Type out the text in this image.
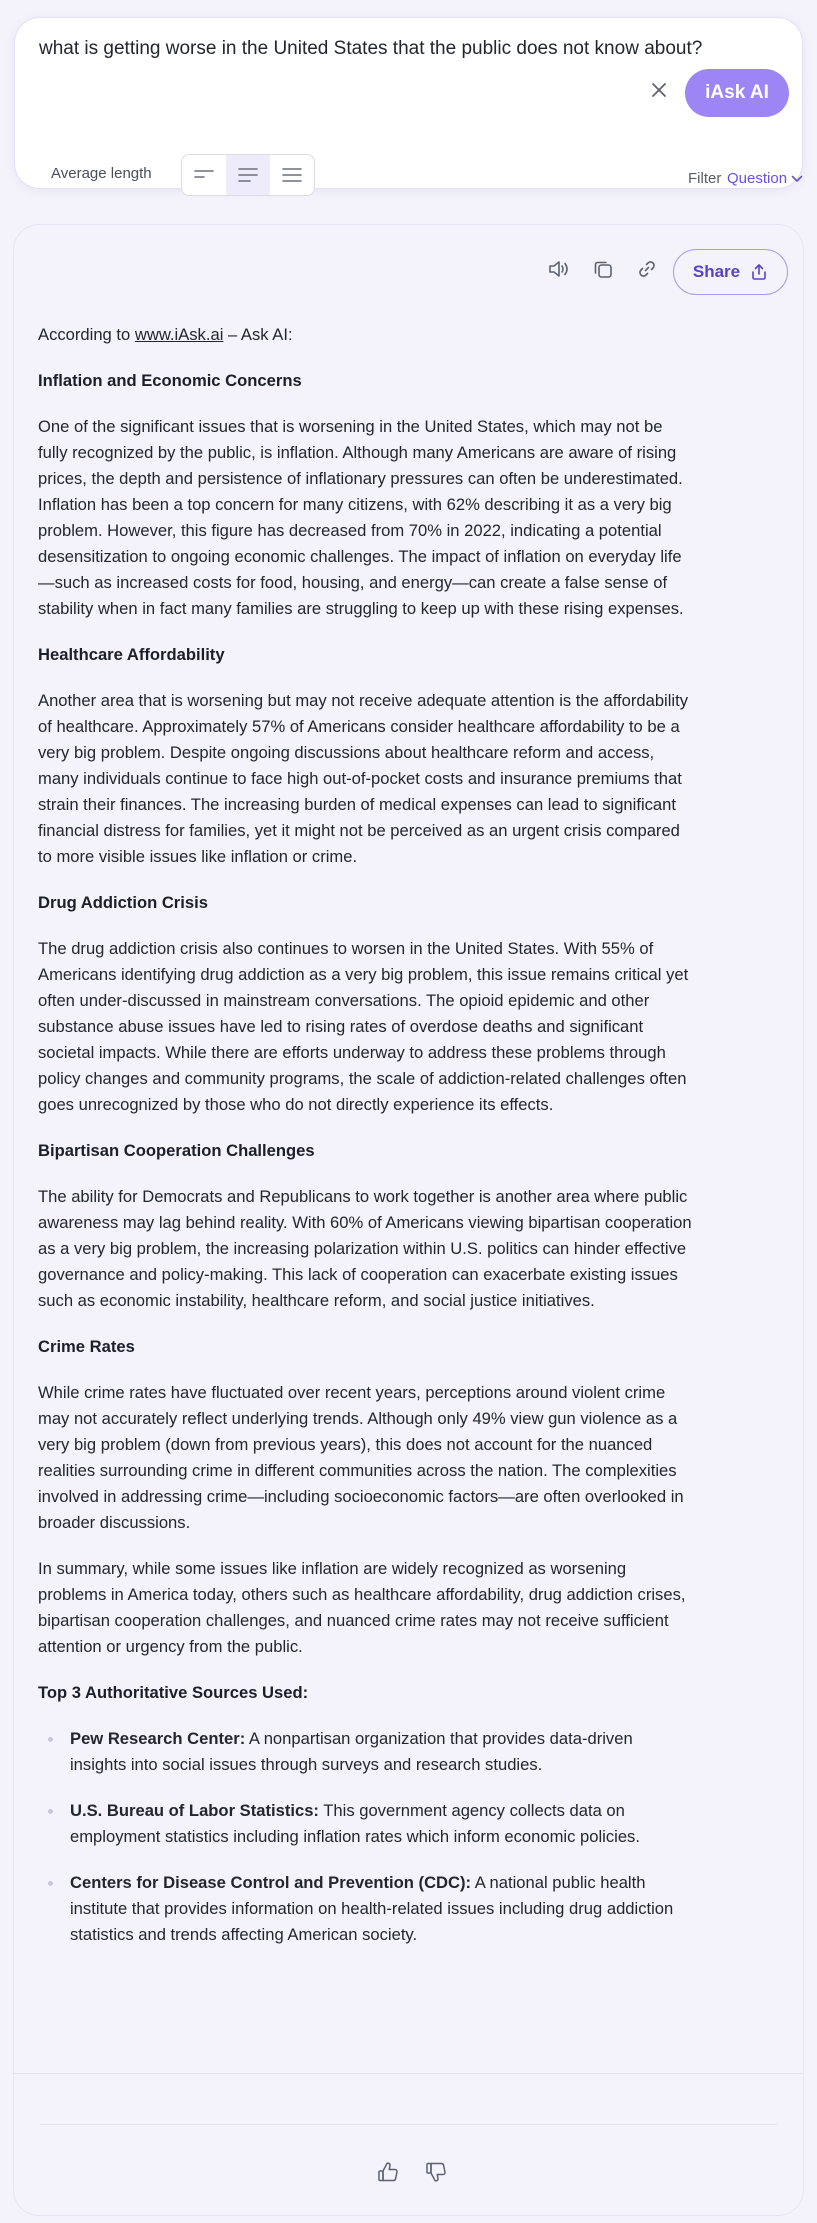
what is getting worse in the United States that the public does not know about?
Average length	Filter Question
iAsk AI
Share

According to www.iAsk.ai – Ask AI:

Inflation and Economic Concerns

One of the significant issues that is worsening in the United States, which may not be fully recognized by the public, is inflation. Although many Americans are aware of rising prices, the depth and persistence of inflationary pressures can often be underestimated. Inflation has been a top concern for many citizens, with 62% describing it as a very big problem. However, this figure has decreased from 70% in 2022, indicating a potential desensitization to ongoing economic challenges. The impact of inflation on everyday life—such as increased costs for food, housing, and energy—can create a false sense of stability when in fact many families are struggling to keep up with these rising expenses.

Healthcare Affordability

Another area that is worsening but may not receive adequate attention is the affordability of healthcare. Approximately 57% of Americans consider healthcare affordability to be a very big problem. Despite ongoing discussions about healthcare reform and access, many individuals continue to face high out-of-pocket costs and insurance premiums that strain their finances. The increasing burden of medical expenses can lead to significant financial distress for families, yet it might not be perceived as an urgent crisis compared to more visible issues like inflation or crime.

Drug Addiction Crisis

The drug addiction crisis also continues to worsen in the United States. With 55% of Americans identifying drug addiction as a very big problem, this issue remains critical yet often under-discussed in mainstream conversations. The opioid epidemic and other substance abuse issues have led to rising rates of overdose deaths and significant societal impacts. While there are efforts underway to address these problems through policy changes and community programs, the scale of addiction-related challenges often goes unrecognized by those who do not directly experience its effects.

Bipartisan Cooperation Challenges

The ability for Democrats and Republicans to work together is another area where public awareness may lag behind reality. With 60% of Americans viewing bipartisan cooperation as a very big problem, the increasing polarization within U.S. politics can hinder effective governance and policy-making. This lack of cooperation can exacerbate existing issues such as economic instability, healthcare reform, and social justice initiatives.

Crime Rates

While crime rates have fluctuated over recent years, perceptions around violent crime may not accurately reflect underlying trends. Although only 49% view gun violence as a very big problem (down from previous years), this does not account for the nuanced realities surrounding crime in different communities across the nation. The complexities involved in addressing crime—including socioeconomic factors—are often overlooked in broader discussions.

In summary, while some issues like inflation are widely recognized as worsening problems in America today, others such as healthcare affordability, drug addiction crises, bipartisan cooperation challenges, and nuanced crime rates may not receive sufficient attention or urgency from the public.

Top 3 Authoritative Sources Used:
Pew Research Center: A nonpartisan organization that provides data-driven insights into social issues through surveys and research studies.
U.S. Bureau of Labor Statistics: This government agency collects data on employment statistics including inflation rates which inform economic policies.
Centers for Disease Control and Prevention (CDC): A national public health institute that provides information on health-related issues including drug addiction statistics and trends affecting American society.
